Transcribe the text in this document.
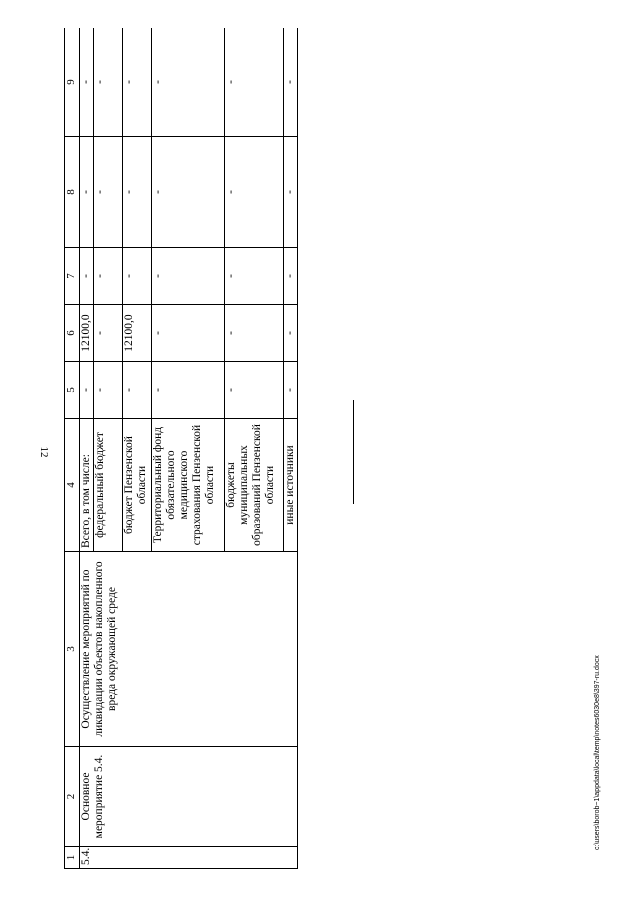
12
1	2	3	4	5	6	7	8	9
5.4.	Основное мероприятие 5.4.	Осуществление мероприятий по ликвидации объектов накопленного вреда окружающей среде	Всего, в том числе:	-	12100,0	-	-	-
			федеральный бюджет	-	-	-	-	-
			бюджет Пензенской области	-	12100,0	-	-	-
			Территориальный фонд обязательного медицинского страхования Пензенской области	-	-	-	-	-
			бюджеты муниципальных образований Пензенской области	-	-	-	-	-
			иные источники	-	-	-	-	-
c:\users\borob~1\appdata\local\temp\notes6030e8\397-ru.docx
